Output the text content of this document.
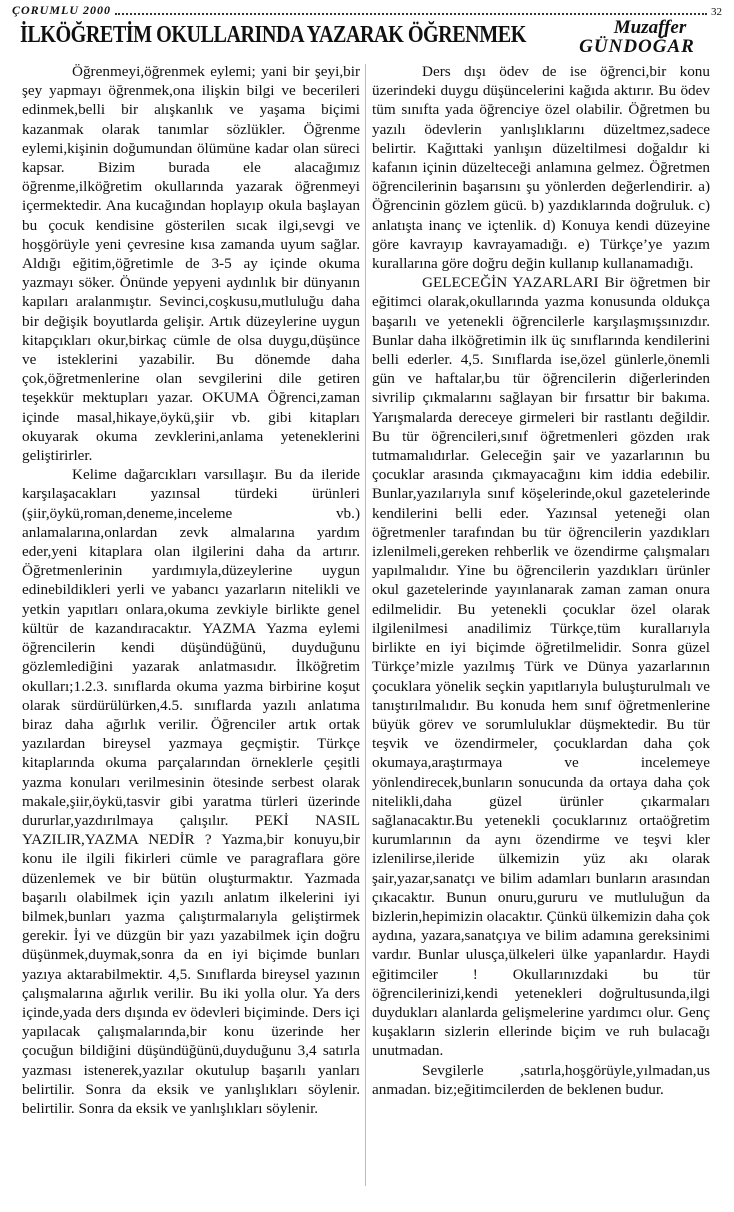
ÇORUMLU 2000	32
İLKÖĞRETİM OKULLARINDA YAZARAK ÖĞRENMEK	Muzaffer
GÜNDOĞAR

Öğrenmeyi,öğrenmek eylemi; yani bir şeyi,bir şey yapmayı öğrenmek,ona ilişkin bilgi ve becerileri edinmek,belli bir alışkanlık ve yaşama biçimi kazanmak olarak tanımlar sözlükler. Öğrenme eylemi,kişinin doğumundan ölümüne kadar olan süreci kapsar. Bizim burada ele alacağımız öğrenme,ilköğretim okullarında yazarak öğrenmeyi içermektedir. Ana kucağından hoplayıp okula başlayan bu çocuk kendisine gösterilen sıcak ilgi,sevgi ve hoşgörüyle yeni çevresine kısa zamanda uyum sağlar. Aldığı eğitim,öğretimle de 3-5 ay içinde okuma yazmayı söker. Önünde yepyeni aydınlık bir dünyanın kapıları aralanmıştır. Sevinci,coşkusu,mutluluğu daha bir değişik boyutlarda gelişir. Artık düzeylerine uygun kitapçıkları okur,birkaç cümle de olsa duygu,düşünce ve isteklerini yazabilir. Bu dönemde daha çok,öğretmenlerine olan sevgilerini dile getiren teşekkür mektupları yazar. OKUMA Öğrenci,zaman içinde masal,hikaye,öykü,şiir vb. gibi kitapları okuyarak okuma zevklerini,anlama yeteneklerini geliştirirler.

Kelime dağarcıkları varsıllaşır. Bu da ileride karşılaşacakları yazınsal türdeki ürünleri (şiir,öykü,roman,deneme,inceleme vb.) anlamalarına,onlardan zevk almalarına yardım eder,yeni kitaplara olan ilgilerini daha da artırır. Öğretmenlerinin yardımıyla,düzeylerine uygun edinebildikleri yerli ve yabancı yazarların nitelikli ve yetkin yapıtları onlara,okuma zevkiyle birlikte genel kültür de kazandıracaktır. YAZMA Yazma eylemi öğrencilerin kendi düşündüğünü, duyduğunu gözlemlediğini yazarak anlatmasıdır. İlköğretim okulları;1.2.3. sınıflarda okuma yazma birbirine koşut olarak sürdürülürken,4.5. sınıflarda yazılı anlatıma biraz daha ağırlık verilir. Öğrenciler artık ortak yazılardan bireysel yazmaya geçmiştir. Türkçe kitaplarında okuma parçalarından örneklerle çeşitli yazma konuları verilmesinin ötesinde serbest olarak makale,şiir,öykü,tasvir gibi yaratma türleri üzerinde dururlar,yazdırılmaya çalışılır. PEKİ NASIL YAZILIR,YAZMA NEDİR ? Yazma,bir konuyu,bir konu ile ilgili fikirleri cümle ve paragraflara göre düzenlemek ve bir bütün oluşturmaktır. Yazmada başarılı olabilmek için yazılı anlatım ilkelerini iyi bilmek,bunları yazma çalıştırmalarıyla geliştirmek gerekir. İyi ve düzgün bir yazı yazabilmek için doğru düşünmek,duymak,sonra da en iyi biçimde bunları yazıya aktarabilmektir. 4,5. Sınıflarda bireysel yazının çalışmalarına ağırlık verilir. Bu iki yolla olur. Ya ders içinde,yada ders dışında ev ödevleri biçiminde. Ders içi yapılacak çalışmalarında,bir konu üzerinde her çocuğun bildiğini düşündüğünü,duyduğunu 3,4 satırla yazması istenerek,yazılar okutulup başarılı yanları belirtilir. Sonra da eksik ve yanlışlıkları söylenir. belirtilir. Sonra da eksik ve yanlışlıkları söylenir.

Ders dışı ödev de ise öğrenci,bir konu üzerindeki duygu düşüncelerini kağıda aktırır. Bu ödev tüm sınıfta yada öğrenciye özel olabilir. Öğretmen bu yazılı ödevlerin yanlışlıklarını düzeltmez,sadece belirtir. Kağıttaki yanlışın düzeltilmesi doğaldır ki kafanın içinin düzelteceği anlamına gelmez. Öğretmen öğrencilerinin başarısını şu yönlerden değerlendirir. a) Öğrencinin gözlem gücü. b) yazdıklarında doğruluk. c) anlatışta inanç ve içtenlik. d) Konuya kendi düzeyine göre kavrayıp kavrayamadığı. e) Türkçe’ye yazım kurallarına göre doğru değin kullanıp kullanamadığı.

GELECEĞİN YAZARLARI Bir öğretmen bir eğitimci olarak,okullarında yazma konusunda oldukça başarılı ve yetenekli öğrencilerle karşılaşmışsınızdır. Bunlar daha ilköğretimin ilk üç sınıflarında kendilerini belli ederler. 4,5. Sınıflarda ise,özel günlerle,önemli gün ve haftalar,bu tür öğrencilerin diğerlerinden sivrilip çıkmalarını sağlayan bir fırsattır bir bakıma. Yarışmalarda dereceye girmeleri bir rastlantı değildir. Bu tür öğrencileri,sınıf öğretmenleri gözden ırak tutmamalıdırlar. Geleceğin şair ve yazarlarının bu çocuklar arasında çıkmayacağını kim iddia edebilir. Bunlar,yazılarıyla sınıf köşelerinde,okul gazetelerinde kendilerini belli eder. Yazınsal yeteneği olan öğretmenler tarafından bu tür öğrencilerin yazdıkları izlenilmeli,gereken rehberlik ve özendirme çalışmaları yapılmalıdır. Yine bu öğrencilerin yazdıkları ürünler okul gazetelerinde yayınlanarak zaman zaman onura edilmelidir. Bu yetenekli çocuklar özel olarak ilgilenilmesi anadilimiz Türkçe,tüm kurallarıyla birlikte en iyi biçimde öğretilmelidir. Sonra güzel Türkçe’mizle yazılmış Türk ve Dünya yazarlarının çocuklara yönelik seçkin yapıtlarıyla buluşturulmalı ve tanıştırılmalıdır. Bu konuda hem sınıf öğretmenlerine büyük görev ve sorumluluklar düşmektedir. Bu tür teşvik ve özendirmeler, çocuklardan daha çok okumaya,araştırmaya ve incelemeye yönlendirecek,bunların sonucunda da ortaya daha çok nitelikli,daha güzel ürünler çıkarmaları sağlanacaktır.Bu yetenekli çocuklarınız ortaöğretim kurumlarının da aynı özendirme ve teşvi kler izlenilirse,ileride ülkemizin yüz akı olarak şair,yazar,sanatçı ve bilim adamları bunların arasından çıkacaktır. Bunun onuru,gururu ve mutluluğun da bizlerin,hepimizin olacaktır. Çünkü ülkemizin daha çok aydına, yazara,sanatçıya ve bilim adamına gereksinimi vardır. Bunlar ulusça,ülkeleri ülke yapanlardır. Haydi eğitimciler ! Okullarınızdaki bu tür öğrencilerinizi,kendi yetenekleri doğrultusunda,ilgi duydukları alanlarda gelişmelerine yardımcı olur. Genç kuşakların sizlerin ellerinde biçim ve ruh bulacağı unutmadan.

Sevgilerle ,satırla,hoşgörüyle,yılmadan,us anmadan. biz;eğitimcilerden de beklenen budur.
